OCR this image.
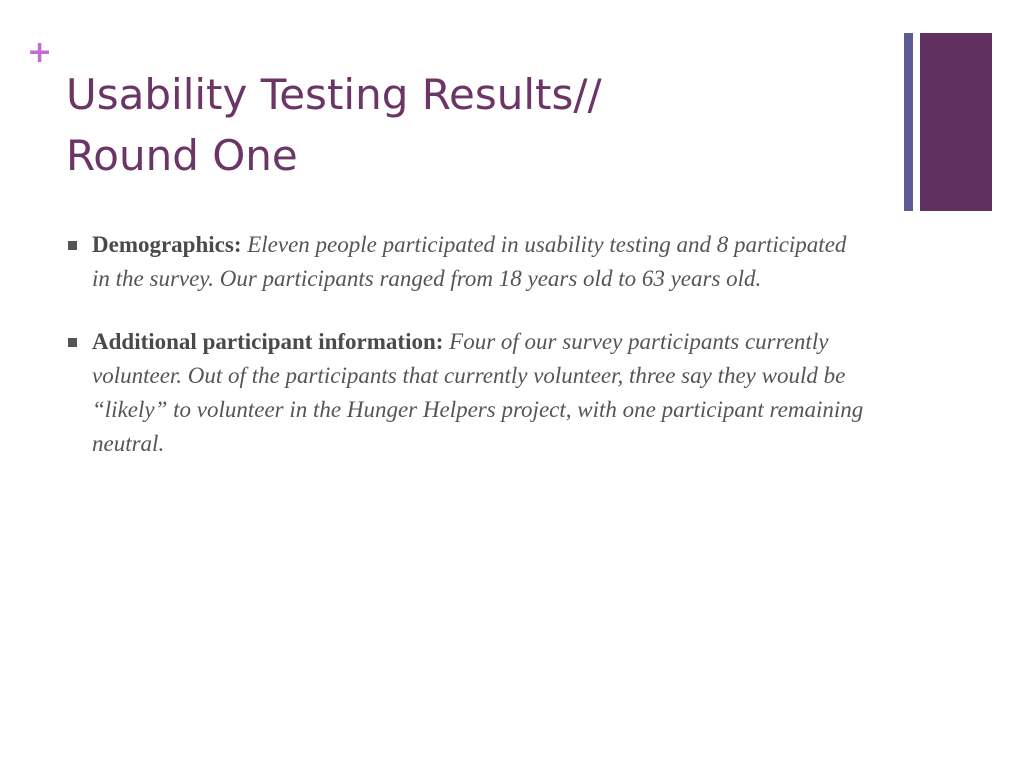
+
Usability Testing Results//
Round One
Demographics: Eleven people participated in usability testing and 8 participated in the survey. Our participants ranged from 18 years old to 63 years old.
Additional participant information: Four of our survey participants currently volunteer. Out of the participants that currently volunteer, three say they would be “likely” to volunteer in the Hunger Helpers project, with one participant remaining neutral.
